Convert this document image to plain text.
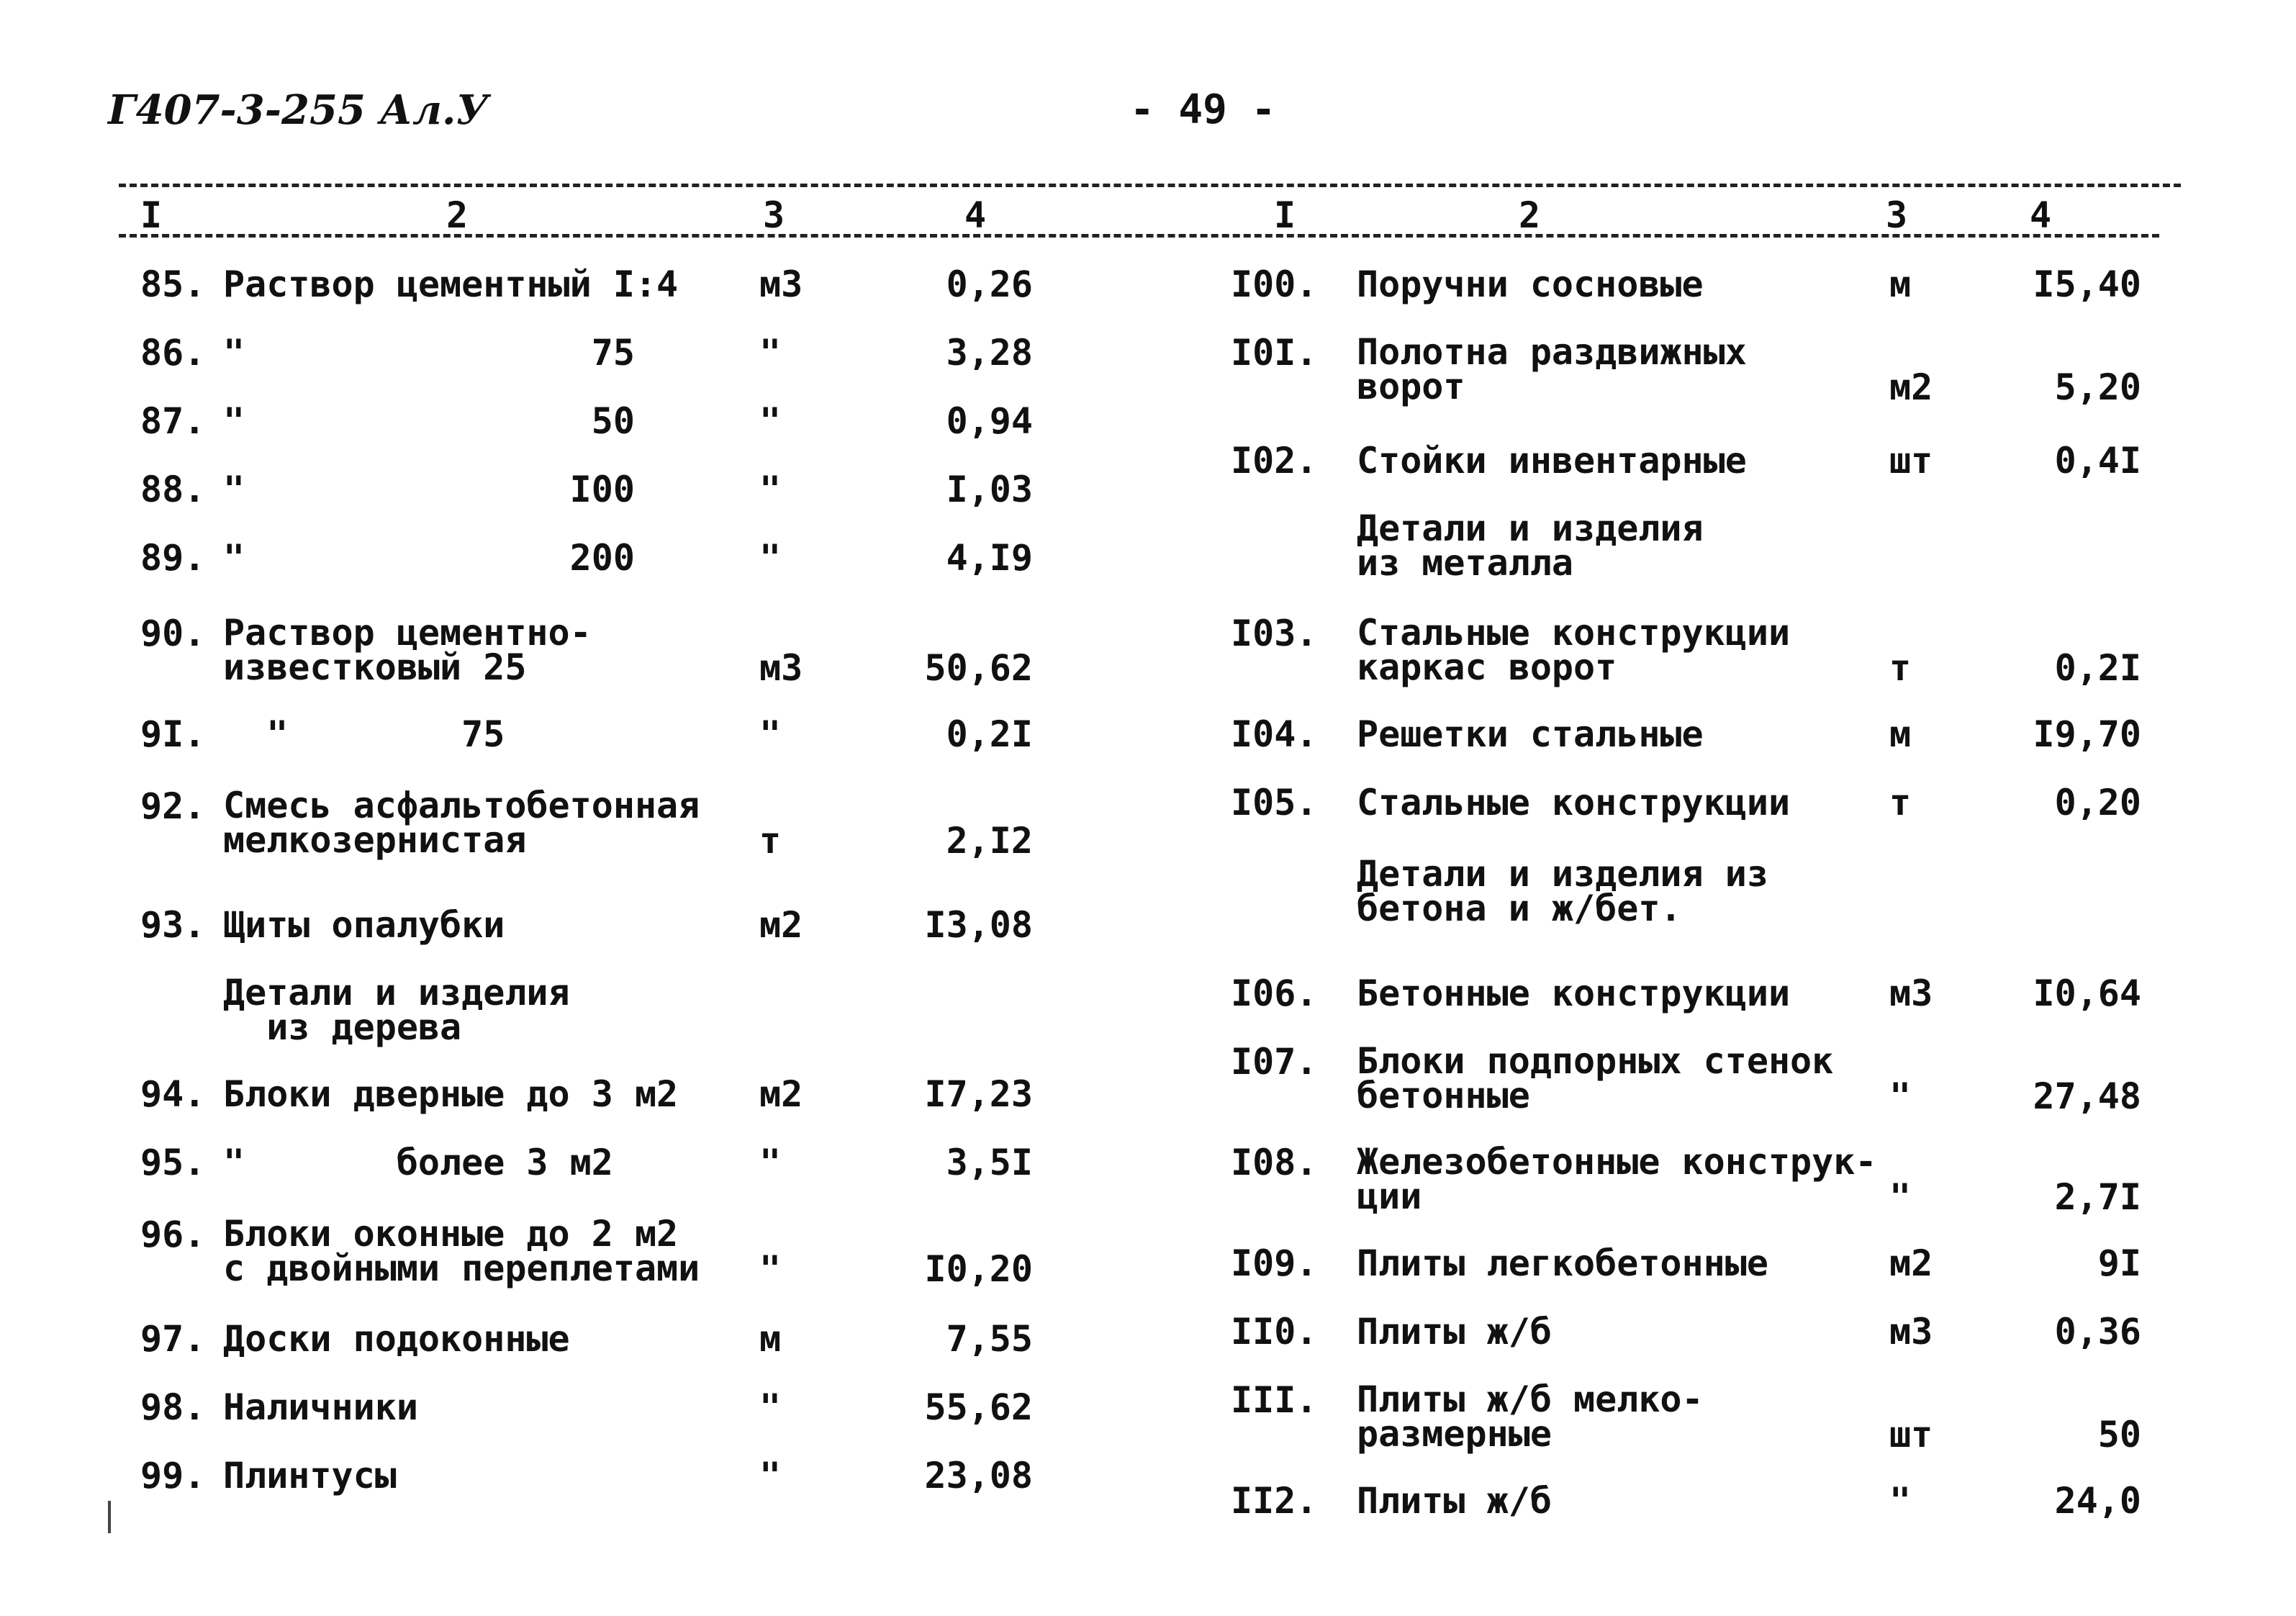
Г407-3-255 Ал.У	- 49 -
I	2	3	4	I	2	3	4
85. Раствор цементный I:4 м3	0,26
86. "                75	"	3,28
87. "                50	"	0,94
88. "               I00	"	I,03
89. "               200	"	4,I9
90. Раствор цементно-
известковый 25	м3	50,62
9I. "        75	"	0,2I
92. Смесь асфальтобетонная
мелкозернистая	т	2,I2
93. Щиты опалубки	м2	I3,08
Детали и изделия
из дерева
94. Блоки дверные до 3 м2 м2	I7,23
95. "       более 3 м2	"	3,5I
96. Блоки оконные до 2 м2
с двойными переплетами "	I0,20
97. Доски подоконные	м	7,55
98. Наличники	"	55,62
99. Плинтусы	"	23,08
I00. Поручни сосновые	м	I5,40
I0I. Полотна раздвижных
ворот	м2	5,20
I02. Стойки инвентарные	шт	0,4I
Детали и изделия
из металла
I03. Стальные конструкции
каркас ворот	т	0,2I
I04. Решетки стальные	м	I9,70
I05. Стальные конструкции	т	0,20
Детали и изделия из
бетона и ж/бет.
I06. Бетонные конструкции	м3	I0,64
I07. Блоки подпорных стенок
бетонные	"	27,48
I08. Железобетонные конструк-
ции	"	2,7I
I09. Плиты легкобетонные	м2	9I
II0. Плиты ж/б	м3	0,36
III. Плиты ж/б мелко-
размерные	шт	50
II2. Плиты ж/б	"	24,0
